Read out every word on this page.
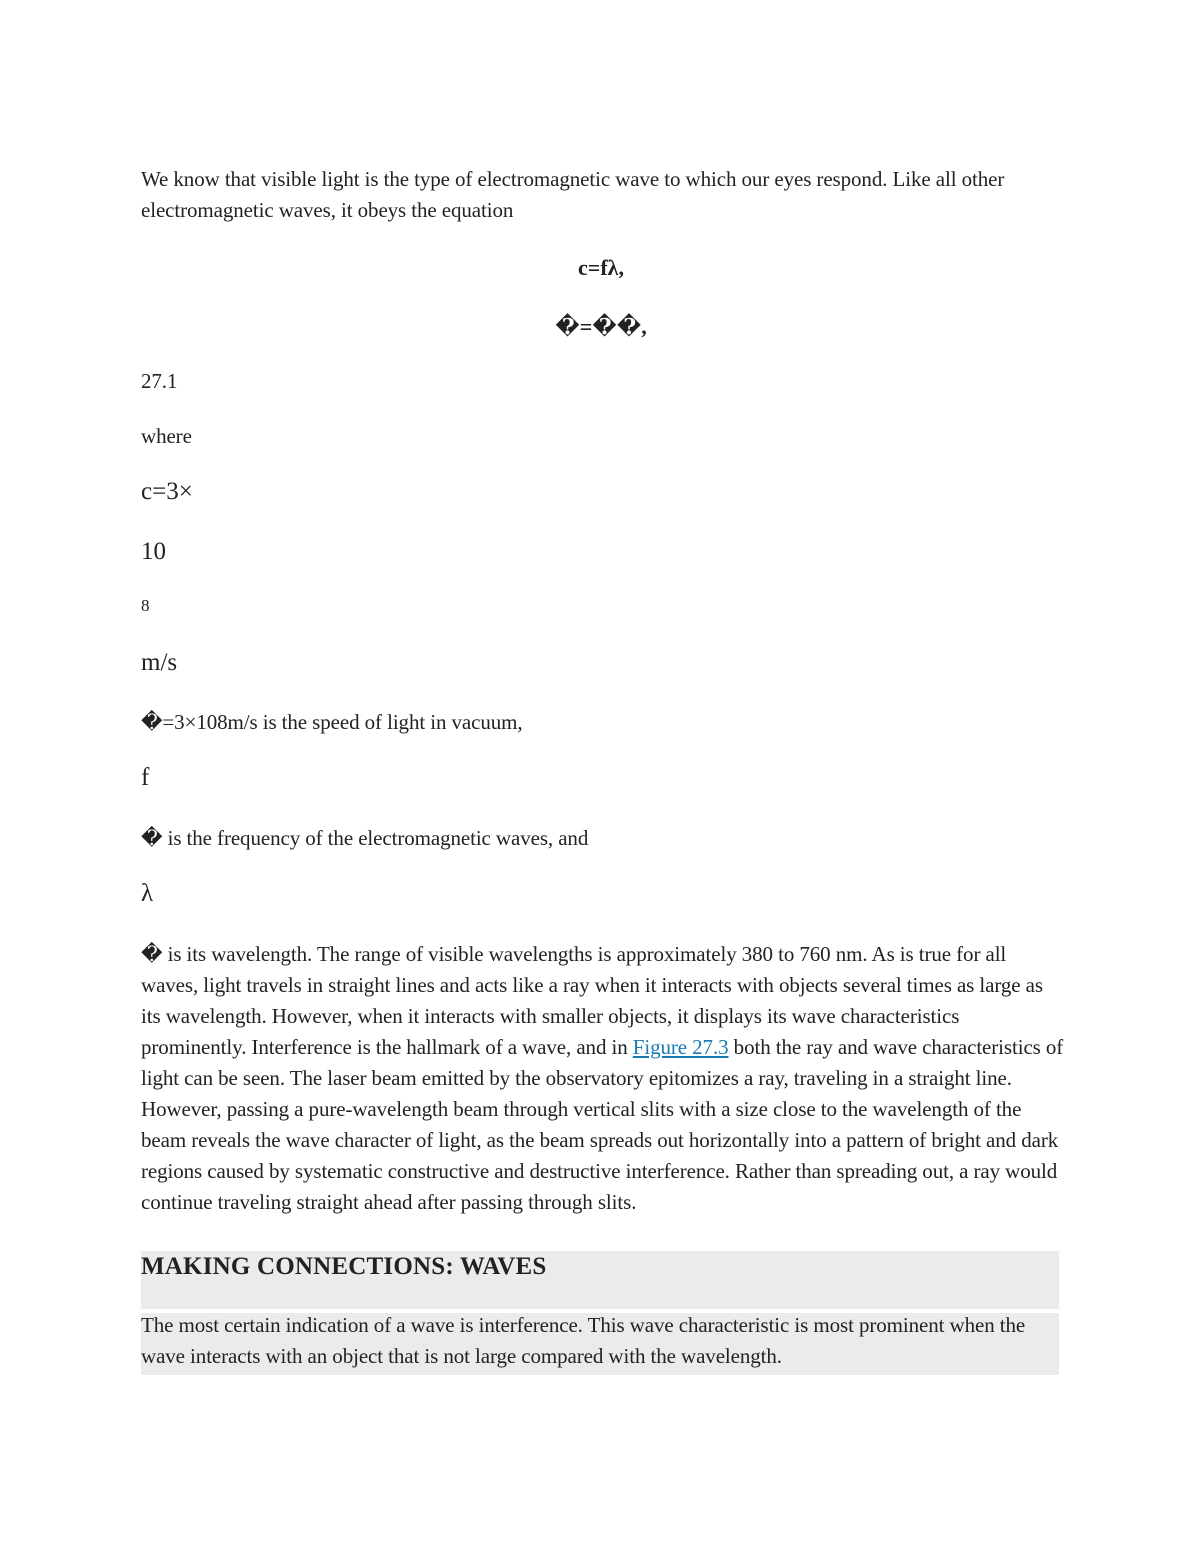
We know that visible light is the type of electromagnetic wave to which our eyes respond. Like all other electromagnetic waves, it obeys the equation
c=fλ,
�=��,
27.1
where
c=3×
10
8
m/s
�=3×108m/s is the speed of light in vacuum,
f
� is the frequency of the electromagnetic waves, and
λ
� is its wavelength. The range of visible wavelengths is approximately 380 to 760 nm. As is true for all waves, light travels in straight lines and acts like a ray when it interacts with objects several times as large as its wavelength. However, when it interacts with smaller objects, it displays its wave characteristics prominently. Interference is the hallmark of a wave, and in Figure 27.3 both the ray and wave characteristics of light can be seen. The laser beam emitted by the observatory epitomizes a ray, traveling in a straight line. However, passing a pure-wavelength beam through vertical slits with a size close to the wavelength of the beam reveals the wave character of light, as the beam spreads out horizontally into a pattern of bright and dark regions caused by systematic constructive and destructive interference. Rather than spreading out, a ray would continue traveling straight ahead after passing through slits.
MAKING CONNECTIONS: WAVES
The most certain indication of a wave is interference. This wave characteristic is most prominent when the wave interacts with an object that is not large compared with the wavelength.
